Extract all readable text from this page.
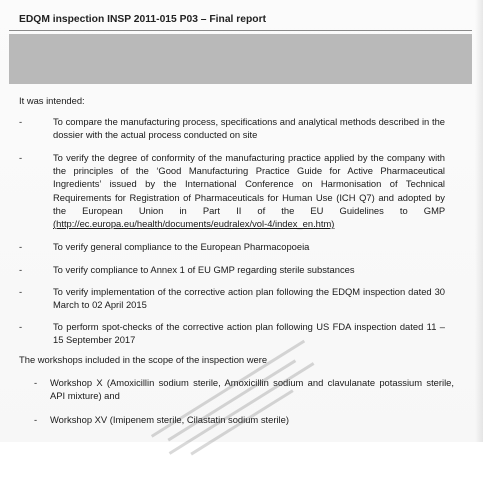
EDQM inspection INSP 2011-015 P03 – Final report
It was intended:
-	To compare the manufacturing process, specifications and analytical methods described in the dossier with the actual process conducted on site
-	To verify the degree of conformity of the manufacturing practice applied by the company with the principles of the ‘Good Manufacturing Practice Guide for Active Pharmaceutical Ingredients’ issued by the International Conference on Harmonisation of Technical Requirements for Registration of Pharmaceuticals for Human Use (ICH Q7) and adopted by the European Union in Part II of the EU Guidelines to GMP (http://ec.europa.eu/health/documents/eudralex/vol-4/index_en.htm)
-	To verify general compliance to the European Pharmacopoeia
-	To verify compliance to Annex 1 of EU GMP regarding sterile substances
-	To verify implementation of the corrective action plan following the EDQM inspection dated 30 March to 02 April 2015
-	To perform spot-checks of the corrective action plan following US FDA inspection dated 11 – 15 September 2017
The workshops included in the scope of the inspection were
- Workshop X (Amoxicillin sodium sterile, Amoxicillin sodium and clavulanate potassium sterile, API mixture) and
- Workshop XV (Imipenem sterile, Cilastatin sodium sterile)
